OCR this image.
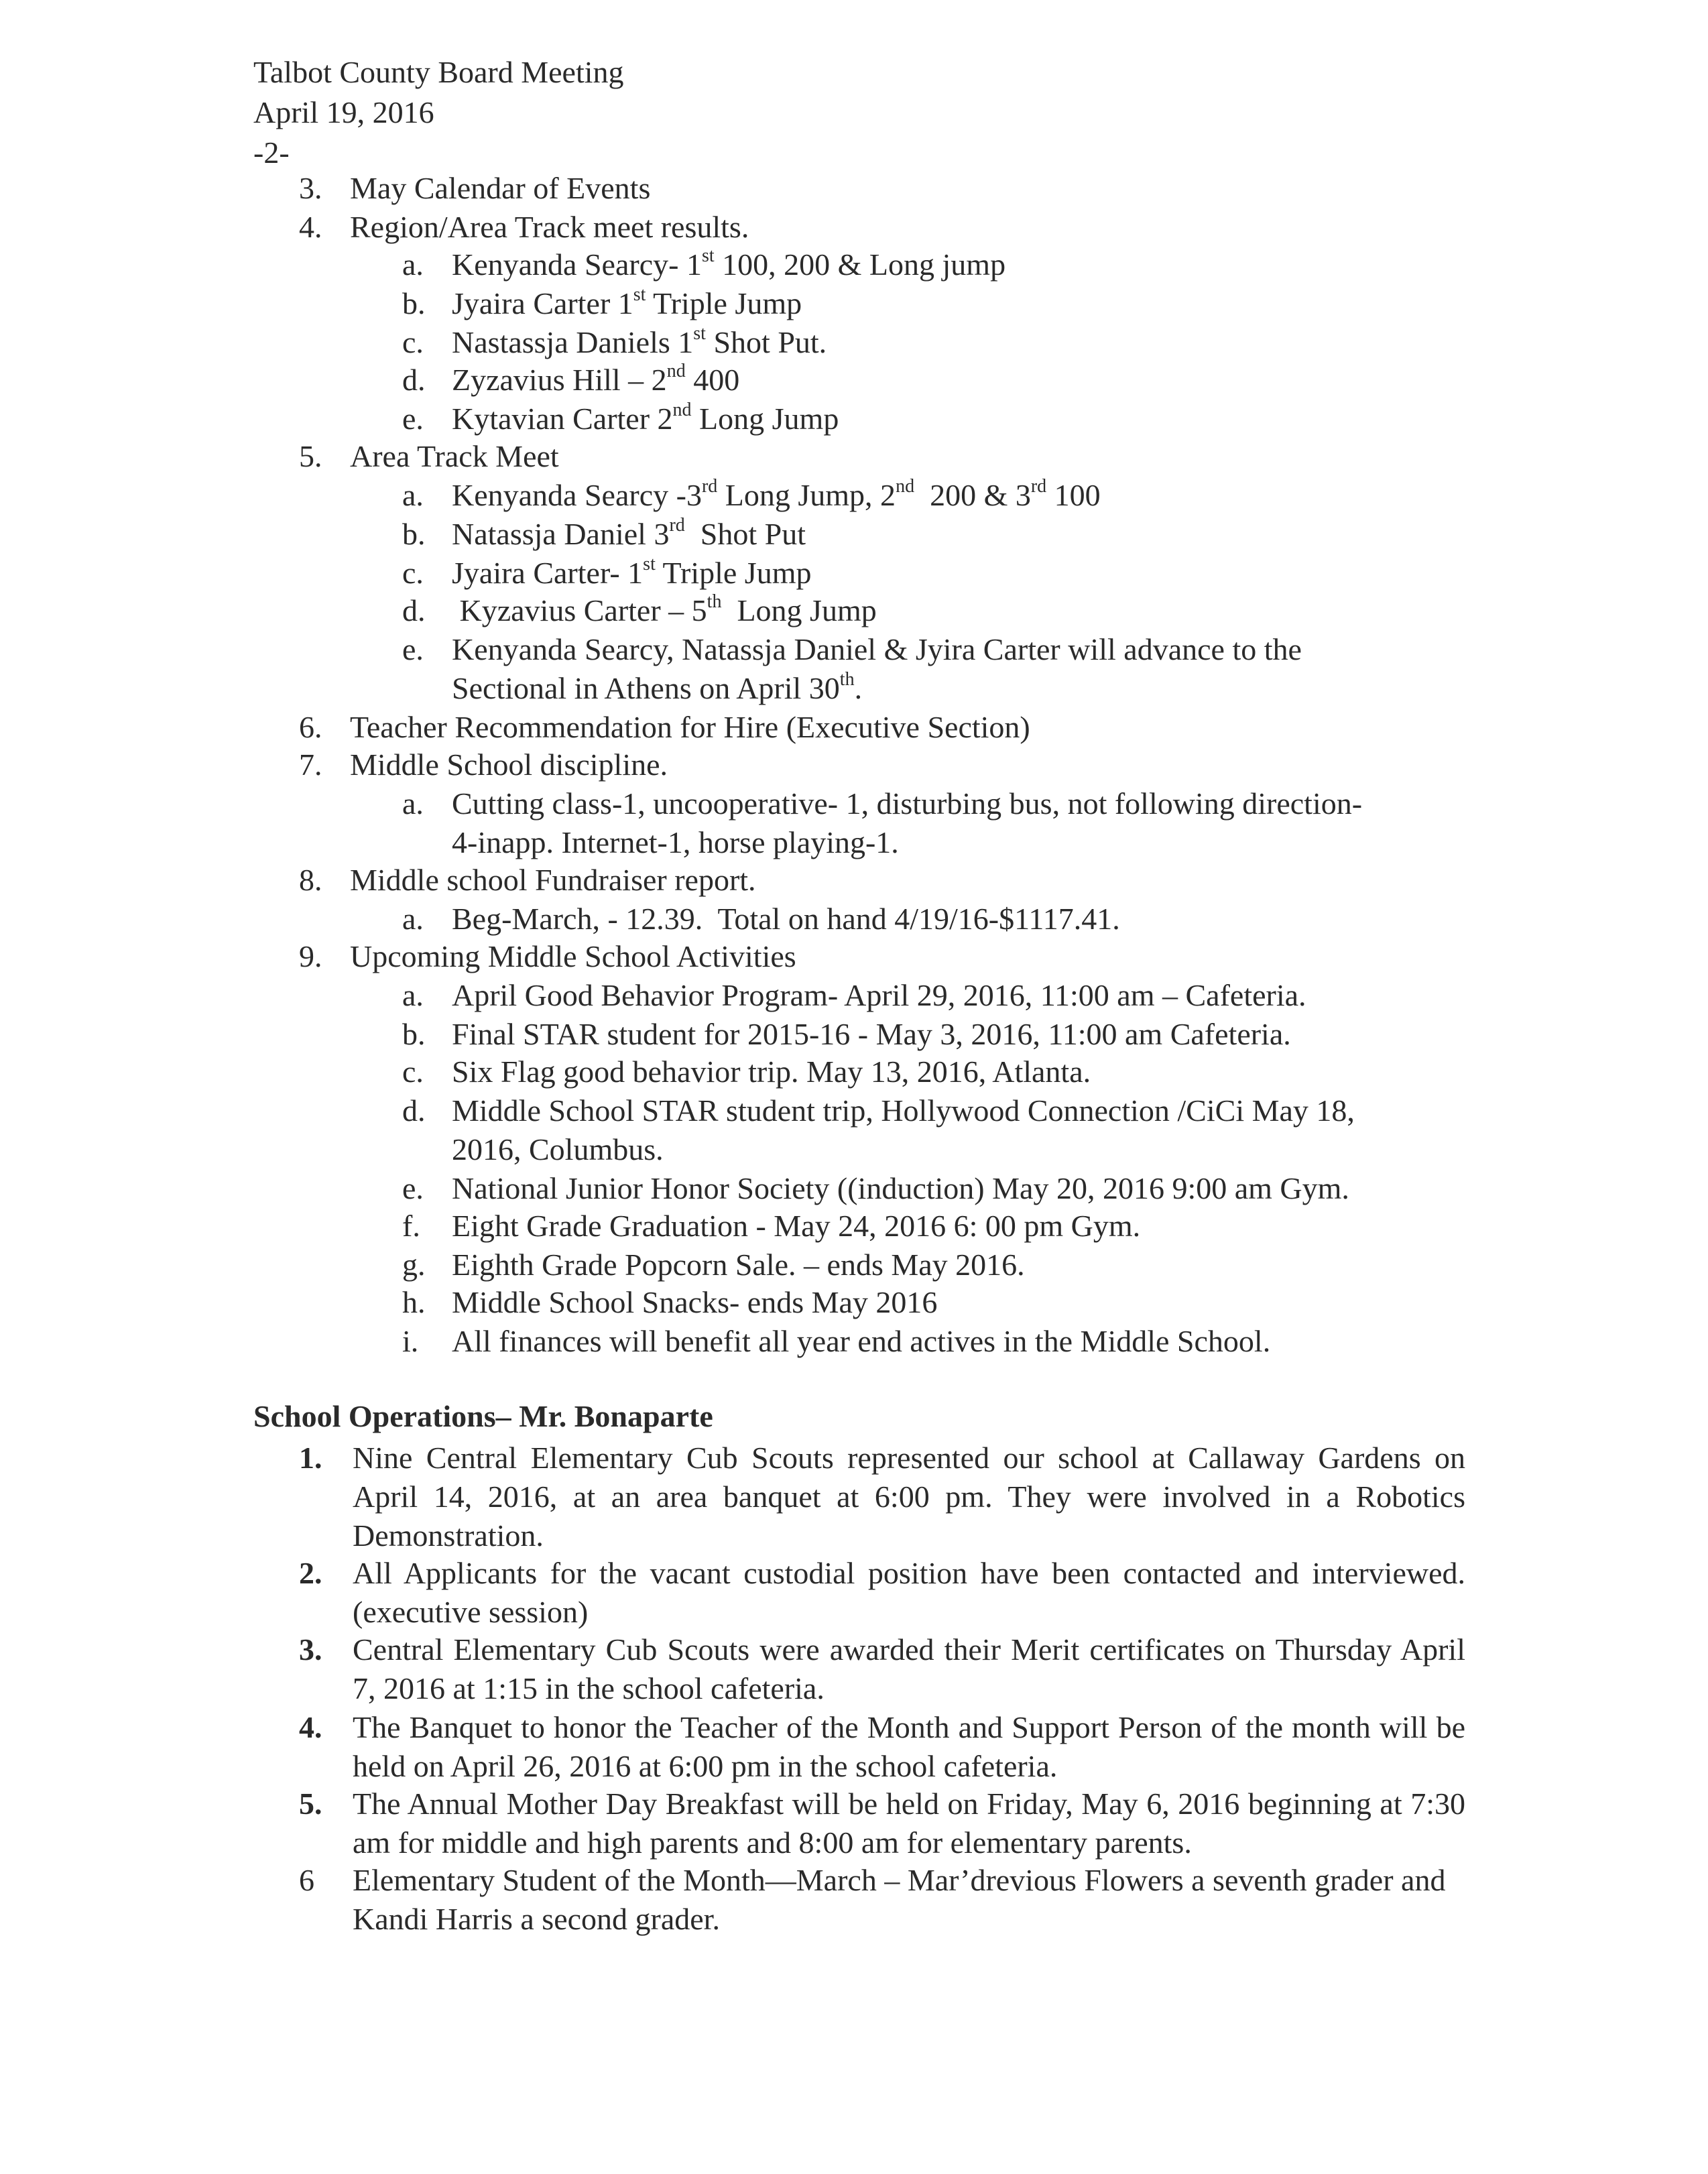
Talbot County Board Meeting
April 19, 2016
-2-
3. May Calendar of Events
4. Region/Area Track meet results.
a. Kenyanda Searcy- 1st 100, 200 & Long jump
b. Jyaira Carter 1st Triple Jump
c. Nastassja Daniels 1st Shot Put.
d. Zyzavius Hill – 2nd 400
e. Kytavian Carter 2nd Long Jump
5. Area Track Meet
a. Kenyanda Searcy -3rd Long Jump, 2nd  200 & 3rd 100
b. Natassja Daniel 3rd  Shot Put
c. Jyaira Carter- 1st Triple Jump
d. Kyzavius Carter – 5th  Long Jump
e. Kenyanda Searcy, Natassja Daniel & Jyira Carter will advance to the
Sectional in Athens on April 30th.
6. Teacher Recommendation for Hire (Executive Section)
7. Middle School discipline.
a. Cutting class-1, uncooperative- 1, disturbing bus, not following direction-
4-inapp. Internet-1, horse playing-1.
8. Middle school Fundraiser report.
a. Beg-March, - 12.39.  Total on hand 4/19/16-$1117.41.
9. Upcoming Middle School Activities
a. April Good Behavior Program- April 29, 2016, 11:00 am – Cafeteria.
b. Final STAR student for 2015-16 - May 3, 2016, 11:00 am Cafeteria.
c. Six Flag good behavior trip. May 13, 2016, Atlanta.
d. Middle School STAR student trip, Hollywood Connection /CiCi May 18,
2016, Columbus.
e. National Junior Honor Society ((induction) May 20, 2016 9:00 am Gym.
f. Eight Grade Graduation - May 24, 2016 6: 00 pm Gym.
g. Eighth Grade Popcorn Sale. – ends May 2016.
h. Middle School Snacks- ends May 2016
i. All finances will benefit all year end actives in the Middle School.
School Operations– Mr. Bonaparte
1. Nine Central Elementary Cub Scouts represented our school at Callaway Gardens on April 14, 2016, at an area banquet at 6:00 pm. They were involved in a Robotics Demonstration.
2. All Applicants for the vacant custodial position have been contacted and interviewed. (executive session)
3. Central Elementary Cub Scouts were awarded their Merit certificates on Thursday April 7, 2016 at 1:15 in the school cafeteria.
4. The Banquet to honor the Teacher of the Month and Support Person of the month will be held on April 26, 2016 at 6:00 pm in the school cafeteria.
5. The Annual Mother Day Breakfast will be held on Friday, May 6, 2016 beginning at 7:30 am for middle and high parents and 8:00 am for elementary parents.
6 Elementary Student of the Month—March – Mar’drevious Flowers a seventh grader and Kandi Harris a second grader.
